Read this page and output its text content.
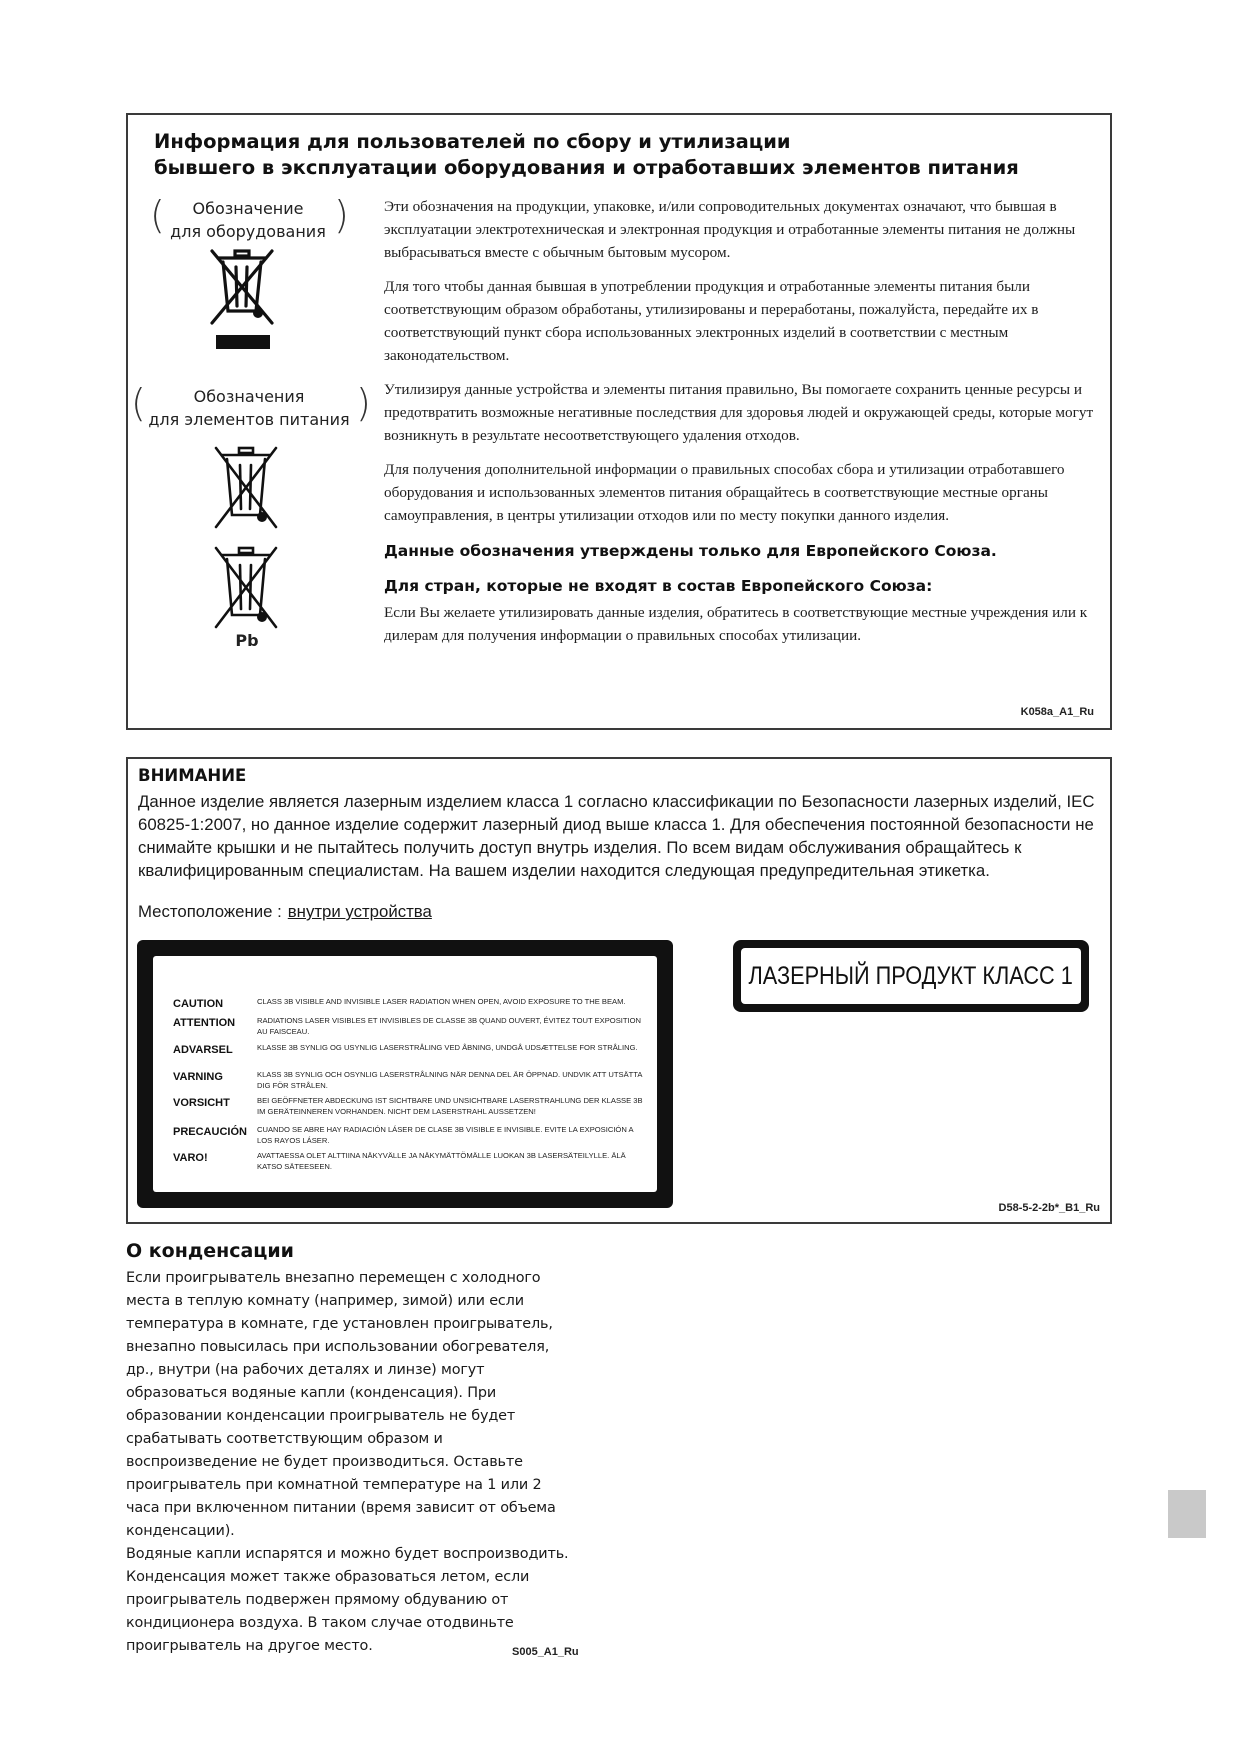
Информация для пользователей по сбору и утилизации
бывшего в эксплуатации оборудования и отработавших элементов питания
(	Обозначение
для оборудования )
(	Обозначения
для элементов питания )
Pb

Эти обозначения на продукции, упаковке, и/или сопроводительных документах означают, что бывшая в эксплуатации электротехническая и электронная продукция и отработанные элементы питания не должны выбрасываться вместе с обычным бытовым мусором.

Для того чтобы данная бывшая в употреблении продукция и отработанные элементы питания были соответствующим образом обработаны, утилизированы и переработаны, пожалуйста, передайте их в соответствующий пункт сбора использованных электронных изделий в соответствии с местным законодательством.

Утилизируя данные устройства и элементы питания правильно, Вы помогаете сохранить ценные ресурсы и предотвратить возможные негативные последствия для здоровья людей и окружающей среды, которые могут возникнуть в результате несоответствующего удаления отходов.

Для получения дополнительной информации о правильных способах сбора и утилизации отработавшего оборудования и использованных элементов питания обращайтесь в соответствующие местные органы самоуправления, в центры утилизации отходов или по месту покупки данного изделия.

Данные обозначения утверждены только для Европейского Союза.

Для стран, которые не входят в состав Европейского Союза:

Если Вы желаете утилизировать данные изделия, обратитесь в соответствующие местные учреждения или к дилерам для получения информации о правильных способах утилизации.

K058a_A1_Ru
ВНИМАНИЕ

Данное изделие является лазерным изделием класса 1 согласно классификации по Безопасности лазерных изделий, IEC 60825-1:2007, но данное изделие содержит лазерный диод выше класса 1. Для обеспечения постоянной безопасности не снимайте крышки и не пытайтесь получить доступ внутрь изделия. По всем видам обслуживания обращайтесь к квалифицированным специалистам. На вашем изделии находится следующая предупредительная этикетка.

Местоположение : внутри устройства
CAUTION	CLASS 3B VISIBLE AND INVISIBLE LASER RADIATION WHEN OPEN, AVOID EXPOSURE TO THE BEAM.
ATTENTION	RADIATIONS LASER VISIBLES ET INVISIBLES DE CLASSE 3B QUAND OUVERT, ÉVITEZ TOUT EXPOSITION AU FAISCEAU.
ADVARSEL	KLASSE 3B SYNLIG OG USYNLIG LASERSTRÅLING VED ÅBNING, UNDGÅ UDSÆTTELSE FOR STRÅLING.
VARNING	KLASS 3B SYNLIG OCH OSYNLIG LASERSTRÅLNING NÄR DENNA DEL ÄR ÖPPNAD. UNDVIK ATT UTSÄTTA DIG FÖR STRÅLEN.
VORSICHT	BEI GEÖFFNETER ABDECKUNG IST SICHTBARE UND UNSICHTBARE LASERSTRAHLUNG DER KLASSE 3B IM GERÄTEINNEREN VORHANDEN. NICHT DEM LASERSTRAHL AUSSETZEN!
PRECAUCIÓN	CUANDO SE ABRE HAY RADIACIÓN LÁSER DE CLASE 3B VISIBLE E INVISIBLE. EVITE LA EXPOSICIÓN A LOS RAYOS LÁSER.
VARO!	AVATTAESSA OLET ALTTIINA NÄKYVÄLLE JA NÄKYMÄTTÖMÄLLE LUOKAN 3B LASERSÄTEILYLLE. ÄLÄ KATSO SÄTEESEEN.
ЛАЗЕРНЫЙ ПРОДУКТ КЛАСС 1
D58-5-2-2b*_B1_Ru
О конденсации

Если проигрыватель внезапно перемещен с холодного
места в теплую комнату (например, зимой) или если
температура в комнате, где установлен проигрыватель,
внезапно повысилась при использовании обогревателя,
др., внутри (на рабочих деталях и линзе) могут
образоваться водяные капли (конденсация). При
образовании конденсации проигрыватель не будет
срабатывать соответствующим образом и
воспроизведение не будет производиться. Оставьте
проигрыватель при комнатной температуре на 1 или 2
часа при включенном питании (время зависит от объема
конденсации).
Водяные капли испарятся и можно будет воспроизводить.
Конденсация может также образоваться летом, если
проигрыватель подвержен прямому обдуванию от
кондиционера воздуха. В таком случае отодвиньте
проигрыватель на другое место.	S005_A1_Ru
